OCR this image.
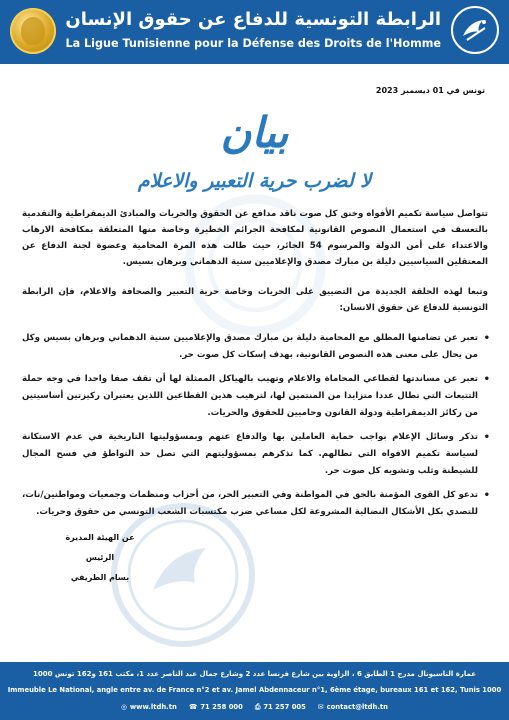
الرابطة التونسية للدفاع عن حقوق الإنسان
La Ligue Tunisienne pour la Défense des Droits de l'Homme
تونس في 01 ديسمبر 2023
بيان
لا لضرب حرية التعبير والاعلام
تتواصل سياسة تكميم الأفواه وخنق كل صوت ناقد مدافع عن الحقوق والحريات والمبادئ الديمقراطية والتقدمية بالتعسف في استعمال النصوص القانونية لمكافحة الجرائم الخطيرة وخاصة منها المتعلقة بمكافحة الارهاب والاعتداء على أمن الدولة والمرسوم 54 الجائر، حيث طالت هذه المرة المحامية وعضوة لجنة الدفاع عن المعتقلين السياسيين دليلة بن مبارك مصدق والإعلاميين سنية الدهماني وبرهان بسيس.
وتبعا لهذه الحلقة الجديدة من التضييق على الحريات وخاصة حرية التعبير والصحافة والاعلام، فإن الرابطة التونسية للدفاع عن حقوق الانسان:
• تعبر عن تضامنها المطلق مع المحامية دليلة بن مبارك مصدق والإعلاميين سنية الدهماني وبرهان بسيس وكل من يحال على معنى هذه النصوص القانونية، بهدف إسكات كل صوت حر.
• تعبر عن مساندتها لقطاعي المحاماة والاعلام وتهيب بالهياكل الممثلة لها أن تقف صفا واحدا في وجه حملة التتبعات التي تطال عددا متزايدا من المنتمين لها، لترهيب هذين القطاعين اللذين يعتبران ركيزتين أساسيتين من ركائز الديمقراطية ودولة القانون وحاميين للحقوق والحريات.
• تذكر وسائل الإعلام بواجب حماية العاملين بها والدفاع عنهم وبمسؤوليتها التاريخية في عدم الاستكانة لسياسة تكميم الافواه التي تطالهم. كما تذكرهم بمسؤوليتهم التي تصل حد التواطؤ في فسح المجال للشيطنة وثلب وتشويه كل صوت حر.
• تدعو كل القوى المؤمنة بالحق في المواطنة وفي التعبير الحر، من أحزاب ومنظمات وجمعيات ومواطنين/نات، للتصدي بكل الأشكال النضالية المشروعة لكل مساعي ضرب مكتسبات الشعب التونسي من حقوق وحريات.
عن الهيئة المديرة
الرئيس
بسام الطريفي
عمارة الناسيونال مدرج 1 الطابق 6 ، الزاوية بين شارع فرنسا عدد 2 وشارع جمال عبد الناصر عدد 1، مكتب 161 و162 تونس 1000
Immeuble Le National, angle entre av. de France n°2 et av. Jamel Abdennaceur n°1, 6ème étage, bureaux 161 et 162, Tunis 1000
◎ www.ltdh.tn ☎ 71 258 000 ⎙ 71 257 005 ✉ contact@ltdh.tn
